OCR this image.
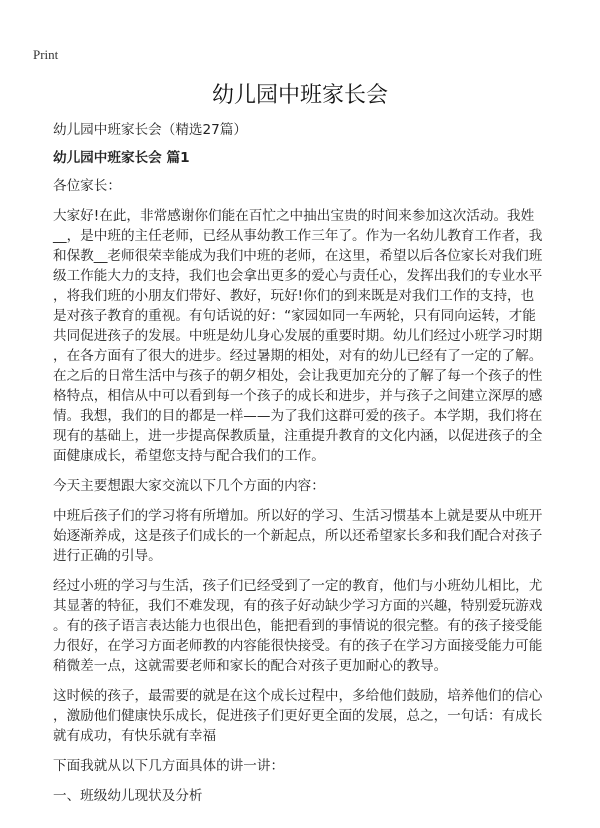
Print
幼儿园中班家长会
幼儿园中班家长会（精选27篇）
幼儿园中班家长会 篇1
各位家长：
大家好!在此，非常感谢你们能在百忙之中抽出宝贵的时间来参加这次活动。我姓
__，是中班的主任老师，已经从事幼教工作三年了。作为一名幼儿教育工作者，我
和保教__老师很荣幸能成为我们中班的老师，在这里，希望以后各位家长对我们班
级工作能大力的支持，我们也会拿出更多的爱心与责任心，发挥出我们的专业水平
，将我们班的小朋友们带好、教好，玩好!你们的到来既是对我们工作的支持，也
是对孩子教育的重视。有句话说的好：“家园如同一车两轮，只有同向运转，才能
共同促进孩子的发展。中班是幼儿身心发展的重要时期。幼儿们经过小班学习时期
，在各方面有了很大的进步。经过暑期的相处，对有的幼儿已经有了一定的了解。
在之后的日常生活中与孩子的朝夕相处，会让我更加充分的了解了每一个孩子的性
格特点，相信从中可以看到每一个孩子的成长和进步，并与孩子之间建立深厚的感
情。我想，我们的目的都是一样——为了我们这群可爱的孩子。本学期，我们将在
现有的基础上，进一步提高保教质量，注重提升教育的文化内涵，以促进孩子的全
面健康成长，希望您支持与配合我们的工作。
今天主要想跟大家交流以下几个方面的内容：
中班后孩子们的学习将有所增加。所以好的学习、生活习惯基本上就是要从中班开
始逐渐养成，这是孩子们成长的一个新起点，所以还希望家长多和我们配合对孩子
进行正确的引导。
经过小班的学习与生活，孩子们已经受到了一定的教育，他们与小班幼儿相比，尤
其显著的特征，我们不难发现，有的孩子好动缺少学习方面的兴趣，特别爱玩游戏
。有的孩子语言表达能力也很出色，能把看到的事情说的很完整。有的孩子接受能
力很好，在学习方面老师教的内容能很快接受。有的孩子在学习方面接受能力可能
稍微差一点，这就需要老师和家长的配合对孩子更加耐心的教导。
这时候的孩子，最需要的就是在这个成长过程中，多给他们鼓励，培养他们的信心
，激励他们健康快乐成长，促进孩子们更好更全面的发展，总之，一句话：有成长
就有成功，有快乐就有幸福
下面我就从以下几方面具体的讲一讲：
一、班级幼儿现状及分析
